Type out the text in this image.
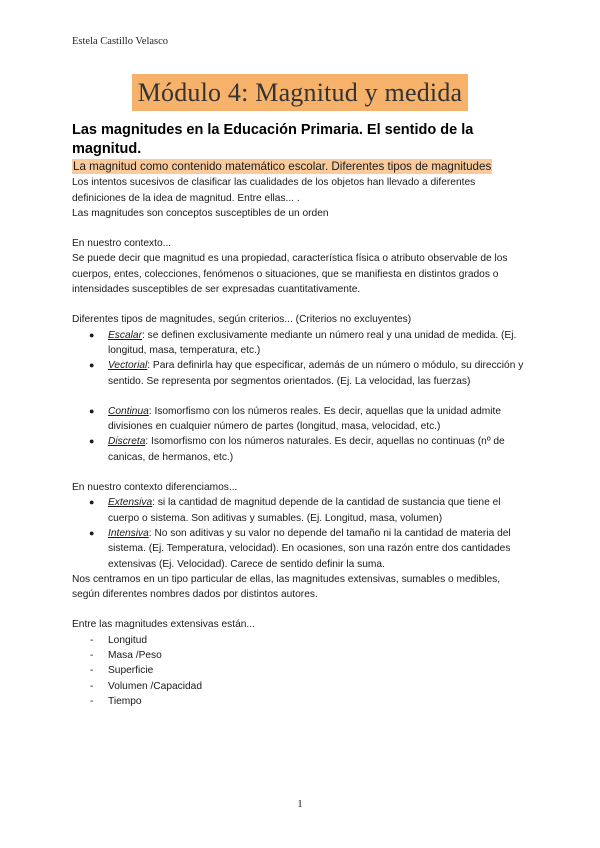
Estela Castillo Velasco
Módulo 4: Magnitud y medida
Las magnitudes en la Educación Primaria. El sentido de la magnitud.
La magnitud como contenido matemático escolar. Diferentes tipos de magnitudes

Los intentos sucesivos de clasificar las cualidades de los objetos han llevado a diferentes definiciones de la idea de magnitud. Entre ellas... .

Las magnitudes son conceptos susceptibles de un orden

En nuestro contexto...

Se puede decir que magnitud es una propiedad, característica física o atributo observable de los cuerpos, entes, colecciones, fenómenos o situaciones, que se manifiesta en distintos grados o intensidades susceptibles de ser expresadas cuantitativamente.

Diferentes tipos de magnitudes, según criterios... (Criterios no excluyentes)

● Escalar: se definen exclusivamente mediante un número real y una unidad de medida. (Ej. longitud, masa, temperatura, etc.)
● Vectorial: Para definirla hay que especificar, además de un número o módulo, su dirección y sentido. Se representa por segmentos orientados. (Ej. La velocidad, las fuerzas)
● Continua: Isomorfismo con los números reales. Es decir, aquellas que la unidad admite divisiones en cualquier número de partes (longitud, masa, velocidad, etc.)
● Discreta: Isomorfismo con los números naturales. Es decir, aquellas no continuas (nº de canicas, de hermanos, etc.)

En nuestro contexto diferenciamos...

● Extensiva: si la cantidad de magnitud depende de la cantidad de sustancia que tiene el cuerpo o sistema. Son aditivas y sumables. (Ej. Longitud, masa, volumen)
● Intensiva: No son aditivas y su valor no depende del tamaño ni la cantidad de materia del sistema. (Ej. Temperatura, velocidad). En ocasiones, son una razón entre dos cantidades extensivas (Ej. Velocidad). Carece de sentido definir la suma.

Nos centramos en un tipo particular de ellas, las magnitudes extensivas, sumables o medibles, según diferentes nombres dados por distintos autores.

Entre las magnitudes extensivas están...

- Longitud
- Masa /Peso
- Superficie
- Volumen /Capacidad
- Tiempo
1
